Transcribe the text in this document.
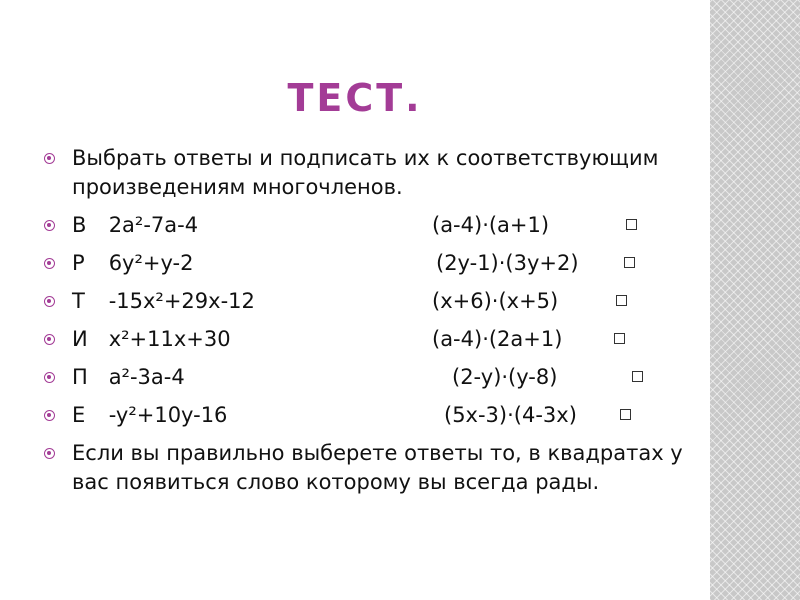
ТЕСТ.
Выбрать ответы и подписать их к соответствующим произведениям многочленов.
В 2a²-7a-4	(a-4)·(a+1)
Р 6y²+y-2	(2y-1)·(3y+2)
Т -15x²+29x-12	(x+6)·(x+5)
И x²+11x+30	(a-4)·(2a+1)
П a²-3a-4	(2-y)·(y-8)
Е -y²+10y-16	(5x-3)·(4-3x)
Если вы правильно выберете ответы то, в квадратах у вас появиться слово которому вы всегда рады.
